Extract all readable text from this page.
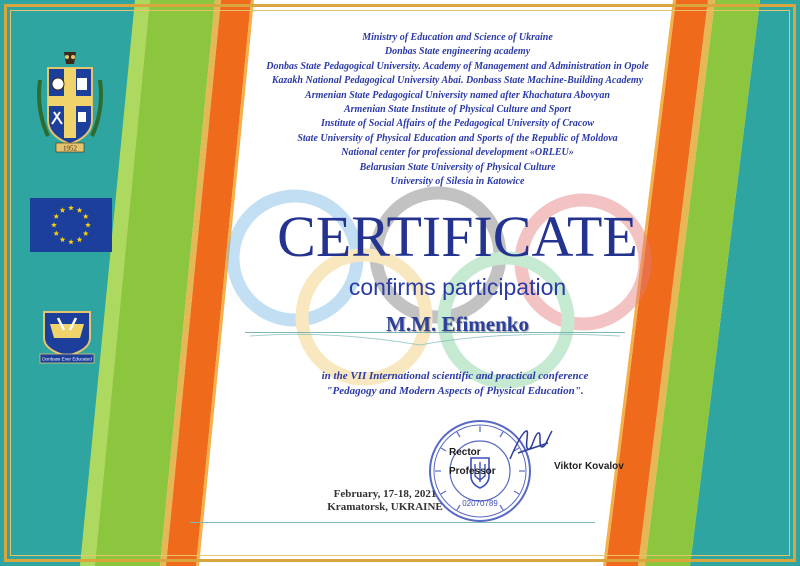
1952
Donbass Ever Educated
Ministry of Education and Science of Ukraine
Donbas State engineering academy
Donbas State Pedagogical University. Academy of Management and Administration in Opole
Kazakh National Pedagogical University Abai. Donbass State Machine-Building Academy
Armenian State Pedagogical University named after Khachatura Abovyan
Armenian State Institute of Physical Culture and Sport
Institute of Social Affairs of the Pedagogical University of Cracow
State University of Physical Education and Sports of the Republic of Moldova
National center for professional development «ORLEU»
Belarusian State University of Physical Culture
University of Silesia in Katowice
CERTIFICATE
confirms participation
M.M. Efimenko
in the VII International scientific and practical conference
"Pedagogy and Modern Aspects of Physical Education".
February, 17-18, 2021
Kramatorsk, UKRAINE	02070789
Rector
Professor	Viktor Kovalov
